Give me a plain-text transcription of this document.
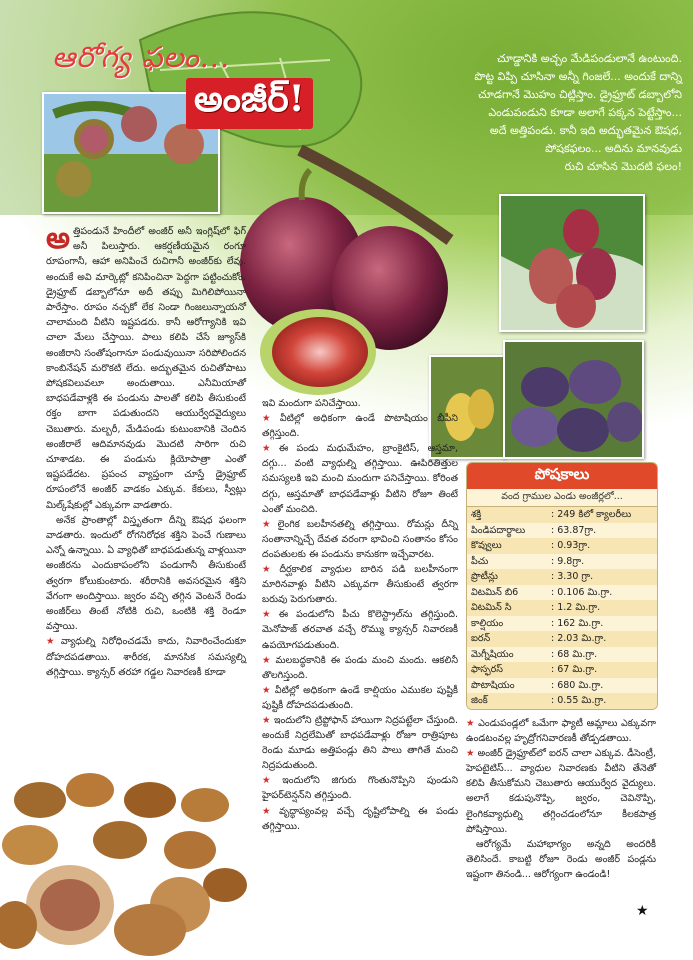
ఆరోగ్య ఫలం...
అంజీర్!
చూడ్డానికి అచ్చం మేడిపండులానే ఉంటుంది.
పొట్ట విప్పి చూసినా అన్నీ గింజలే... అందుకే దాన్ని
చూడగానే మొహం చిట్లిస్తాం. డ్రైఫ్రూట్ డబ్బాలోని
ఎండుపండుని కూడా అలాగే పక్కన పెట్టేస్తాం...
అదే అత్తిపండు. కానీ ఇది అద్భుతమైన ఔషధ,
పోషకఫలం... అదిను మానవుడు
రుచి చూసిన మొదటి ఫలం!

అత్తిపండునే హిందీలో అంజీర్ అనీ ఇంగ్లిష్‌లో ఫిగ్ అనీ పిలుస్తారు. ఆకర్షణీయమైన రంగూ రూపంగానీ, ఆహా అనిపించే రుచిగానీ అంజీర్‌కు లేవు. అందుకే అవి మార్కెట్లో కనిపించినా పెద్దగా పట్టించుకోం. డ్రైఫ్రూట్ డబ్బాలోనూ అదీ తప్పు మిగిలిపోయినా పారేస్తాం. రూపం నచ్చకో లేక నిండా గింజలున్నాయనో చాలామంది వీటిని ఇష్టపడరు. కానీ ఆరోగ్యానికి ఇవి చాలా మేలు చేస్తాయి. పాలు కలిపి చేసే జ్యూస్‌కి అంజీరాని సంతోషంగానూ పండువుయినా సరిపోలిందన కాంబినేషన్ మరొకటి లేదు. అద్భుతమైన రుచితోపాటు పోషకవిలువలూ అందుతాయి. ఎనీమియాతో బాధపడేవాళ్లకి ఈ పండును పాలతో కలిపి తీసుకుంటే రక్తం బాగా పడుతుందని ఆయుర్వేదవైద్యులు చెబుతారు. మల్బరీ, మేడిపండు కుటుంబానికి చెందిన అంజీరాలే ఆదిమానవుడు మొదటి సారిగా రుచి చూశాడట. ఈ పండును క్లియోపాత్రా ఎంతో ఇష్టపడేదట. ప్రపంచ వ్యాప్తంగా చూస్తే డ్రైఫ్రూట్ రూపంలోనే అంజీర్ వాడకం ఎక్కువ. కేకులు, స్వీట్లు మిల్క్‌షేకుల్లో ఎక్కువగా వాడతారు.

అనేక ప్రాంతాల్లో విస్తృతంగా దీన్ని ఔషధ ఫలంగా వాడతారు. ఇందులో రోగనిరోధక శక్తిని పెంచే గుణాలు ఎన్నో ఉన్నాయి. ఏ వ్యాధితో బాధపడుతున్న వాళ్లయినా అంజీరను ఎందుకాపంలోని పండుగానీ తీసుకుంటే త్వరగా కోలుకుంటారు. శరీరానికి అవసరమైన శక్తిని వేగంగా అందిస్తాయి. జ్వరం వచ్చి తగ్గిన వెంటనే రెండు అంజీర్‌లు తింటే నోటికి రుచి, ఒంటికి శక్తి రెండూ వస్తాయి.

★ వ్యాధుల్ని నిరోధించడమే కాదు, నివారించేందుకూ దోహదపడతాయి. శారీరక, మానసిక సమస్యల్ని తగ్గిస్తాయి. క్యాన్సర్ తరహా గడ్డల నివారణకీ కూడా

ఇవి మందుగా పనిచేస్తాయి.

★ వీటిల్లో అధికంగా ఉండే పొటాషియం బీపీని తగ్గిస్తుంది.

★ ఈ పండు మధుమేహం, బ్రాంకైటిస్, ఆస్తమా, దగ్గు... వంటి వ్యాధుల్ని తగ్గిస్తాయి. ఊపిరితిత్తుల సమస్యలకి ఇవి మంచి మందుగా పనిచేస్తాయి. కోరింత దగ్గు, ఆస్తమాతో బాధపడేవాళ్లు వీటిని రోజూ తింటే ఎంతో మంచిది.

★ లైంగిక బలహీనతల్ని తగ్గిస్తాయి. రోమన్లు దీన్ని సంతానాన్నిచ్చే దేవత వరంగా భావించి సంతానం కోసం దంపతులకు ఈ పండును కానుకగా ఇచ్చేవారట.

★ దీర్ఘకాలిక వ్యాధుల బారిన పడి బలహీనంగా మారినవాళ్లు వీటిని ఎక్కువగా తీసుకుంటే త్వరగా బరువు పెరుగుతారు.

★ ఈ పండులోని పీచు కొలెస్ట్రాల్‌ను తగ్గిస్తుంది. మెనోపాజ్ తరవాత వచ్చే రొమ్ము క్యాన్సర్ నివారణకీ ఉపయోగపడుతుంది.

★ మలబద్ధకానికి ఈ పండు మంచి మందు. ఆకలినీ తొలగిస్తుంది.

★ వీటిల్లో అధికంగా ఉండే కాల్షియం ఎముకల పుష్టికీ పుష్టికీ దోహదపడుతుంది.

★ ఇందులోని ట్రిప్టోఫాన్ హాయిగా నిద్రపట్టేలా చేస్తుంది. అందుకే నిద్రలేమితో బాధపడేవాళ్లు రోజూ రాత్రిపూట రెండు మూడు అత్తిపండ్లు తిని పాలు తాగితే మంచి నిద్రపడుతుంది.

★ ఇందులోని జిగురు గొంతునొప్పిని పుండుని హైపర్‌టెన్షన్‌ని తగ్గిస్తుంది.

★ వృద్ధాప్యంవల్ల వచ్చే దృష్టిలోపాల్ని ఈ పండు తగ్గిస్తాయి.

పోషకాలు
వంద గ్రాముల ఎండు అంజీర్లలో...
శక్తి	: 249 కిలో క్యాలరీలు
పిండిపదార్థాలు	: 63.87గ్రా.
కొవ్వులు	: 0.93గ్రా.
పీచు	: 9.8గ్రా.
ప్రొటీన్లు	: 3.30 గ్రా.
విటమిన్ బి6	: 0.106 మి.గ్రా.
విటమిన్ సి	: 1.2 మి.గ్రా.
కాల్షియం	: 162 మి.గ్రా.
ఐరన్	: 2.03 మి.గ్రా.
మెగ్నీషియం	: 68 మి.గ్రా.
ఫాస్ఫరస్	: 67 మి.గ్రా.
పొటాషియం	: 680 మి.గ్రా.
జింక్	: 0.55 మి.గ్రా.

★ ఎండుపండ్లలో ఒమేగా ఫ్యాటీ ఆమ్లాలు ఎక్కువగా ఉండటంవల్ల హృద్రోగనివారణకీ తోడ్పడతాయి.

★ అంజీర్ డ్రైఫ్రూట్‌లో ఐరన్ చాలా ఎక్కువ. డీసెంట్రీ, హెపటైటిస్... వ్యాధుల నివారణకు వీటిని తేనెతో కలిపి తీసుకోమని చెబుతారు ఆయుర్వేద వైద్యులు. అలాగే కడుపునొప్పి, జ్వరం, చెవినొప్పి, లైంగికవ్యాధుల్ని తగ్గించడంలోనూ కీలకపాత్ర పోషిస్తాయి.

ఆరోగ్యమే మహాభాగ్యం అన్నది అందరికీ తెలిసిందే. కాబట్టి రోజూ రెండు అంజీర్ పండ్లను ఇష్టంగా తినండి... ఆరోగ్యంగా ఉండండి!

★
